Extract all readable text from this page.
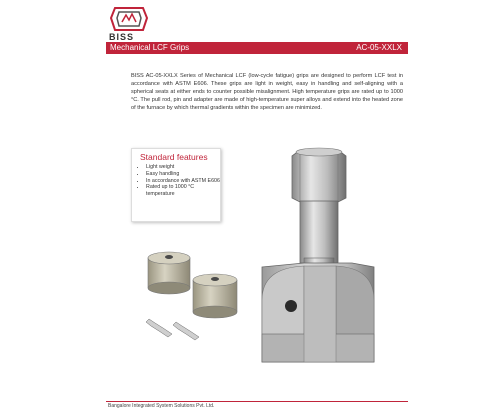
BISS
Mechanical LCF Grips	AC-05-XXLX
BISS AC-05-XXLX Series of Mechanical LCF (low-cycle fatigue) grips are designed to perform LCF test in accordance with ASTM E606. These grips are light in weight, easy in handling and self-aligning with a spherical seats at either ends to counter possible misalignment. High temperature grips are rated up to 1000 °C. The pull rod, pin and adapter are made of high-temperature super alloys and extend into the heated zone of the furnace by which thermal gradients within the specimen are minimized.
Standard features
• Light weight
• Easy handling
• In accordance with ASTM E606
• Rated up to 1000 °C temperature
Bangalore Integrated System Solutions Pvt. Ltd.
